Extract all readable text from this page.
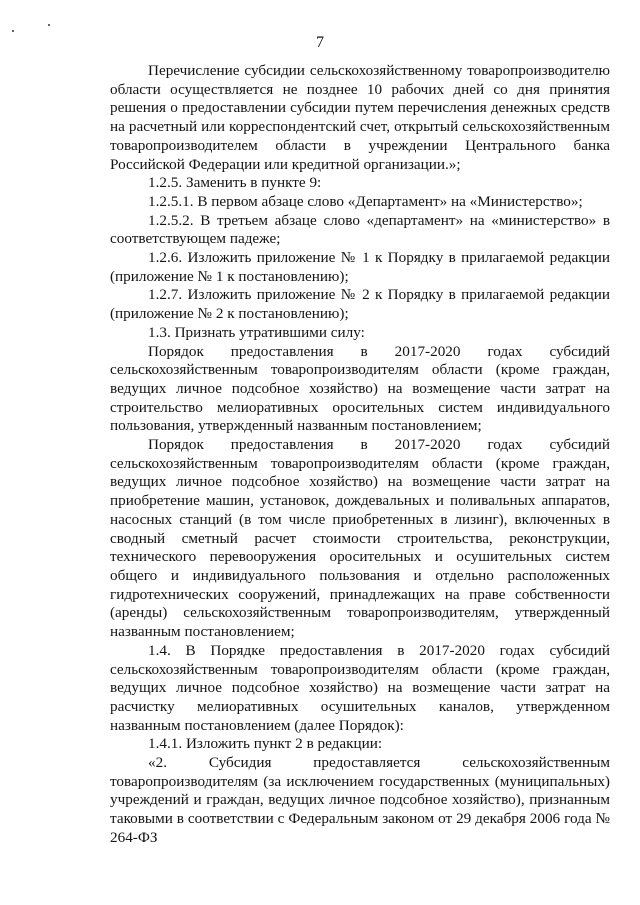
7

Перечисление субсидии сельскохозяйственному товаропроизводителю области осуществляется не позднее 10 рабочих дней со дня принятия решения о предоставлении субсидии путем перечисления денежных средств на расчетный или корреспондентский счет, открытый сельскохозяйственным товаропроизводителем области в учреждении Центрального банка Российской Федерации или кредитной организации.»;

1.2.5. Заменить в пункте 9:

1.2.5.1. В первом абзаце слово «Департамент» на «Министерство»;

1.2.5.2. В третьем абзаце слово «департамент» на «министерство» в соответствующем падеже;

1.2.6. Изложить приложение № 1 к Порядку в прилагаемой редакции (приложение № 1 к постановлению);

1.2.7. Изложить приложение № 2 к Порядку в прилагаемой редакции (приложение № 2 к постановлению);

1.3. Признать утратившими силу:

Порядок предоставления в 2017-2020 годах субсидий сельскохозяйственным товаропроизводителям области (кроме граждан, ведущих личное подсобное хозяйство) на возмещение части затрат на строительство мелиоративных оросительных систем индивидуального пользования, утвержденный названным постановлением;

Порядок предоставления в 2017-2020 годах субсидий сельскохозяйственным товаропроизводителям области (кроме граждан, ведущих личное подсобное хозяйство) на возмещение части затрат на приобретение машин, установок, дождевальных и поливальных аппаратов, насосных станций (в том числе приобретенных в лизинг), включенных в сводный сметный расчет стоимости строительства, реконструкции, технического перевооружения оросительных и осушительных систем общего и индивидуального пользования и отдельно расположенных гидротехнических сооружений, принадлежащих на праве собственности (аренды) сельскохозяйственным товаропроизводителям, утвержденный названным постановлением;

1.4. В Порядке предоставления в 2017-2020 годах субсидий сельскохозяйственным товаропроизводителям области (кроме граждан, ведущих личное подсобное хозяйство) на возмещение части затрат на расчистку мелиоративных осушительных каналов, утвержденном названным постановлением (далее Порядок):

1.4.1. Изложить пункт 2 в редакции:

«2. Субсидия предоставляется сельскохозяйственным товаропроизводителям (за исключением государственных (муниципальных) учреждений и граждан, ведущих личное подсобное хозяйство), признанным таковыми в соответствии с Федеральным законом от 29 декабря 2006 года № 264-ФЗ
